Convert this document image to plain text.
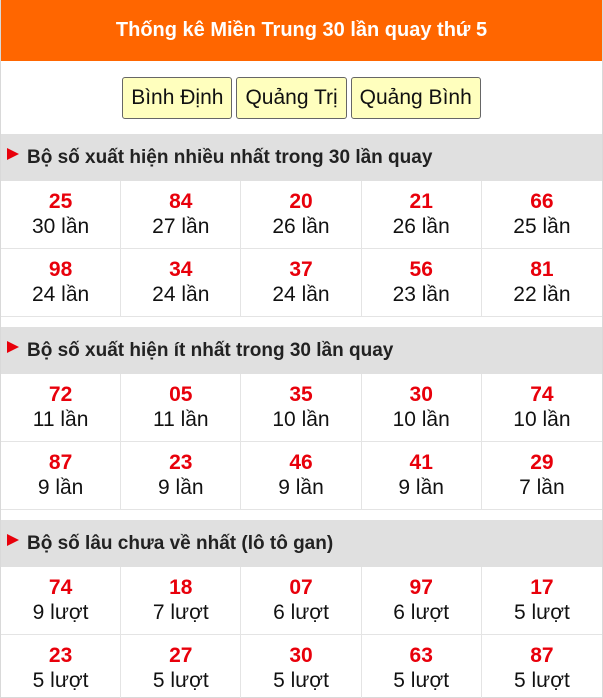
Thống kê Miền Trung 30 lần quay thứ 5
Bình Định	Quảng Trị	Quảng Bình
Bộ số xuất hiện nhiều nhất trong 30 lần quay
25
30 lần
84
27 lần
20
26 lần
21
26 lần
66
25 lần
98
24 lần
34
24 lần
37
24 lần
56
23 lần
81
22 lần
Bộ số xuất hiện ít nhất trong 30 lần quay
72
11 lần
05
11 lần
35
10 lần
30
10 lần
74
10 lần
87
9 lần
23
9 lần
46
9 lần
41
9 lần
29
7 lần
Bộ số lâu chưa về nhất (lô tô gan)
74
9 lượt
18
7 lượt
07
6 lượt
97
6 lượt
17
5 lượt
23
5 lượt
27
5 lượt
30
5 lượt
63
5 lượt
87
5 lượt
